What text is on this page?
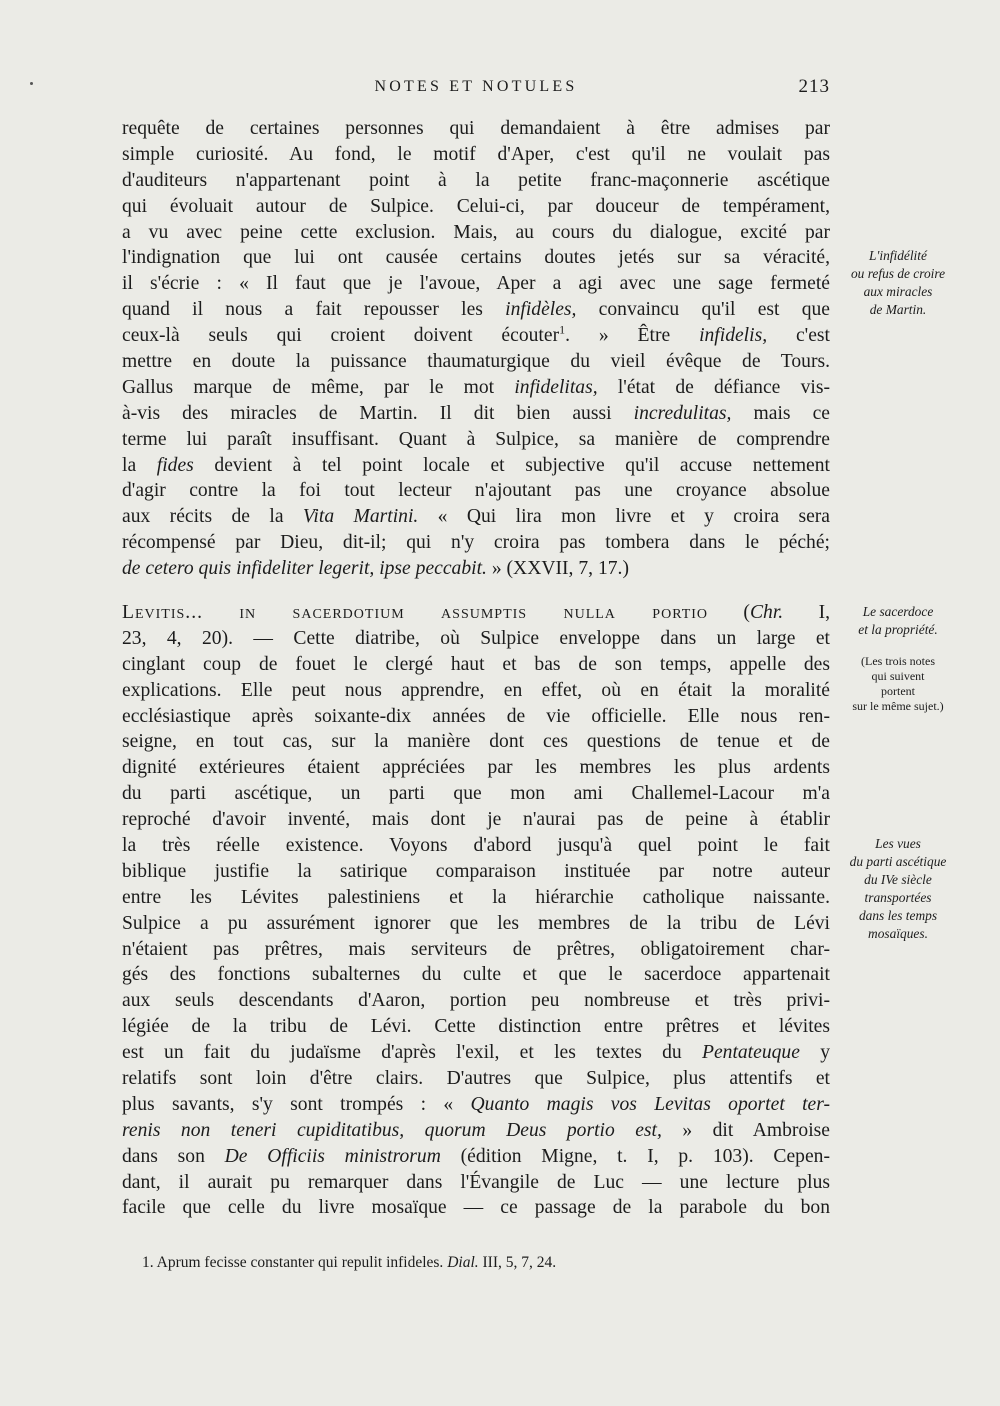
NOTES ET NOTULES	213
requête de certaines personnes qui demandaient à être admises par
simple curiosité. Au fond, le motif d'Aper, c'est qu'il ne voulait pas
d'auditeurs n'appartenant point à la petite franc-maçonnerie ascétique
qui évoluait autour de Sulpice. Celui-ci, par douceur de tempérament,
a vu avec peine cette exclusion. Mais, au cours du dialogue, excité par
l'indignation que lui ont causée certains doutes jetés sur sa véracité,
il s'écrie : « Il faut que je l'avoue, Aper a agi avec une sage fermeté
quand il nous a fait repousser les infidèles, convaincu qu'il est que
ceux-là seuls qui croient doivent écouter$^1$. » Être infidelis, c'est
mettre en doute la puissance thaumaturgique du vieil évêque de Tours.
Gallus marque de même, par le mot infidelitas, l'état de défiance vis-
à-vis des miracles de Martin. Il dit bien aussi incredulitas, mais ce
terme lui paraît insuffisant. Quant à Sulpice, sa manière de comprendre
la fides devient à tel point locale et subjective qu'il accuse nettement
d'agir contre la foi tout lecteur n'ajoutant pas une croyance absolue
aux récits de la Vita Martini. « Qui lira mon livre et y croira sera
récompensé par Dieu, dit-il; qui n'y croira pas tombera dans le péché;
de cetero quis infideliter legerit, ipse peccabit. » (XXVII, 7, 17.)
Levitis... in sacerdotium assumptis nulla portio (Chr. I,
23, 4, 20). — Cette diatribe, où Sulpice enveloppe dans un large et
cinglant coup de fouet le clergé haut et bas de son temps, appelle des
explications. Elle peut nous apprendre, en effet, où en était la moralité
ecclésiastique après soixante-dix années de vie officielle. Elle nous ren-
seigne, en tout cas, sur la manière dont ces questions de tenue et de
dignité extérieures étaient appréciées par les membres les plus ardents
du parti ascétique, un parti que mon ami Challemel-Lacour m'a
reproché d'avoir inventé, mais dont je n'aurai pas de peine à établir
la très réelle existence. Voyons d'abord jusqu'à quel point le fait
biblique justifie la satirique comparaison instituée par notre auteur
entre les Lévites palestiniens et la hiérarchie catholique naissante.
Sulpice a pu assurément ignorer que les membres de la tribu de Lévi
n'étaient pas prêtres, mais serviteurs de prêtres, obligatoirement char-
gés des fonctions subalternes du culte et que le sacerdoce appartenait
aux seuls descendants d'Aaron, portion peu nombreuse et très privi-
légiée de la tribu de Lévi. Cette distinction entre prêtres et lévites
est un fait du judaïsme d'après l'exil, et les textes du Pentateuque y
relatifs sont loin d'être clairs. D'autres que Sulpice, plus attentifs et
plus savants, s'y sont trompés : « Quanto magis vos Levitas oportet ter-
renis non teneri cupiditatibus, quorum Deus portio est, » dit Ambroise
dans son De Officiis ministrorum (édition Migne, t. I, p. 103). Cepen-
dant, il aurait pu remarquer dans l'Évangile de Luc — une lecture plus
facile que celle du livre mosaïque — ce passage de la parabole du bon
L'infidélité
ou refus de croire
aux miracles
de Martin.
Le sacerdoce
et la propriété.
(Les trois notes
qui suivent
portent
sur le même sujet.)
Les vues
du parti ascétique
du IVe siècle
transportées
dans les temps
mosaïques.
1. Aprum fecisse constanter qui repulit infideles. Dial. III, 5, 7, 24.
